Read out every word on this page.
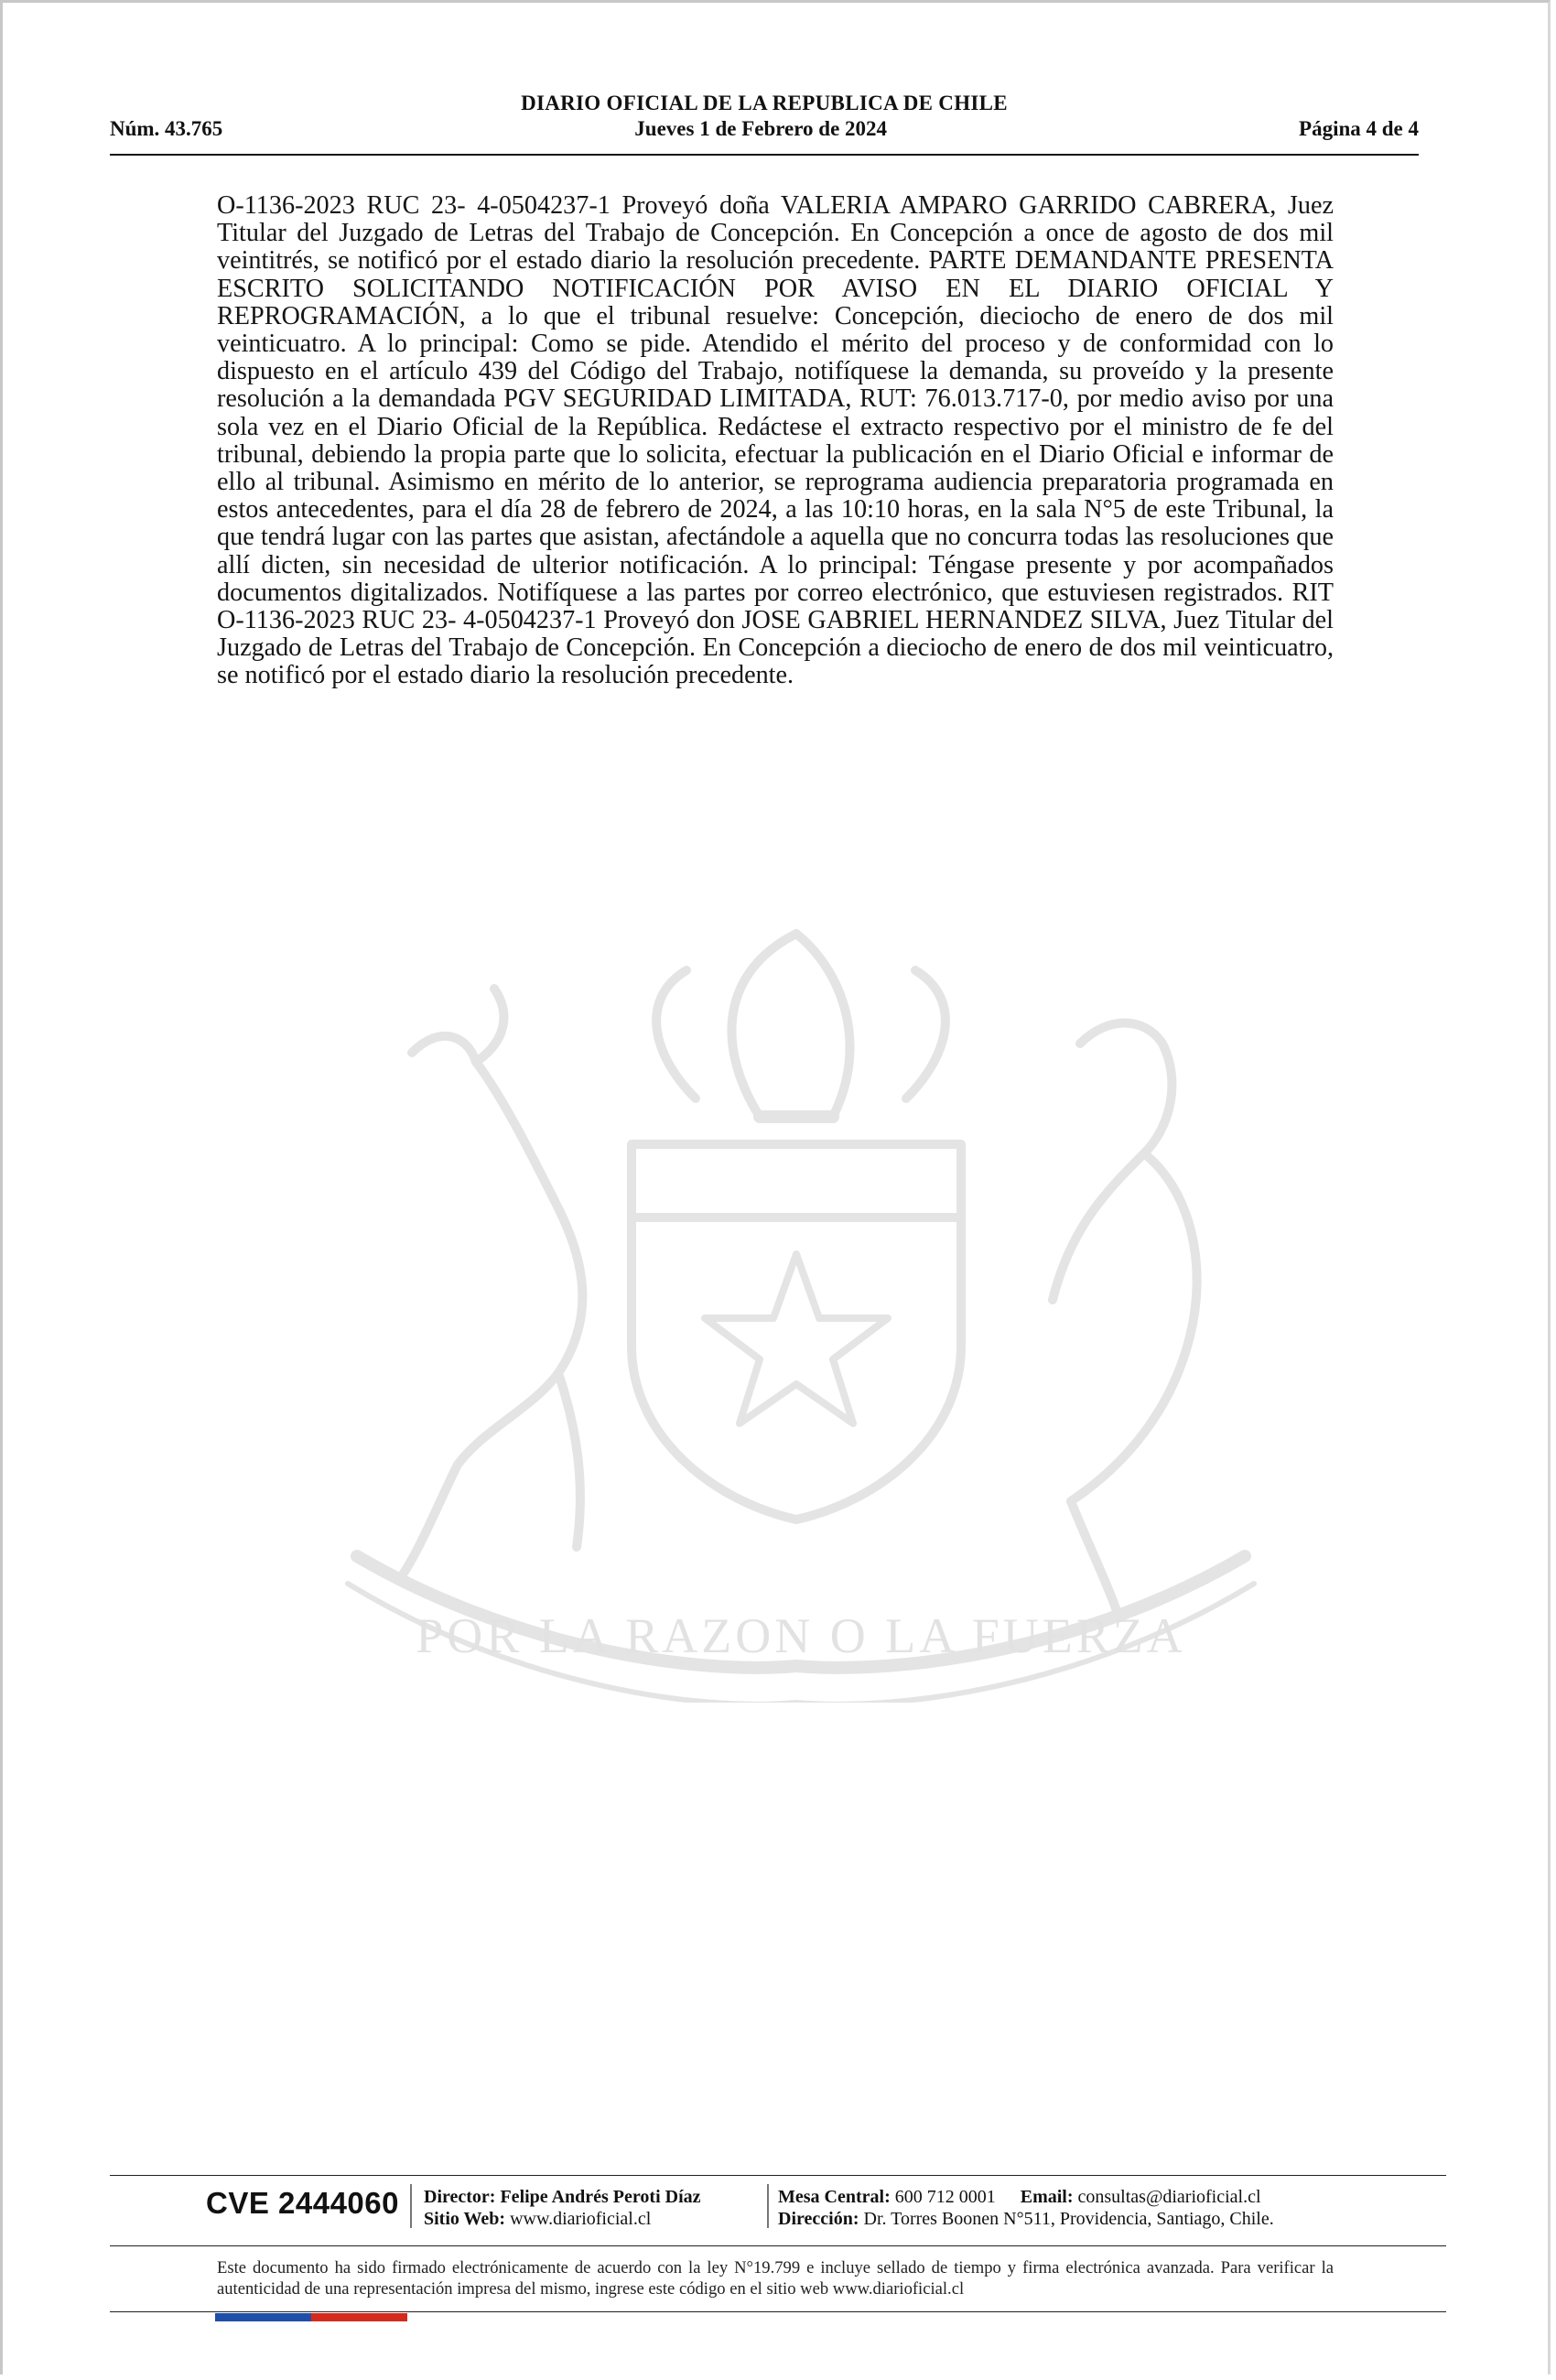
DIARIO OFICIAL DE LA REPUBLICA DE CHILE
Núm. 43.765	Jueves 1 de Febrero de 2024	Página 4 de 4
POR LA RAZON O LA FUERZA
O-1136-2023 RUC 23- 4-0504237-1 Proveyó doña VALERIA AMPARO GARRIDO CABRERA, Juez Titular del Juzgado de Letras del Trabajo de Concepción. En Concepción a once de agosto de dos mil veintitrés, se notificó por el estado diario la resolución precedente. PARTE DEMANDANTE PRESENTA ESCRITO SOLICITANDO NOTIFICACIÓN POR AVISO EN EL DIARIO OFICIAL Y REPROGRAMACIÓN, a lo que el tribunal resuelve: Concepción, dieciocho de enero de dos mil veinticuatro. A lo principal: Como se pide. Atendido el mérito del proceso y de conformidad con lo dispuesto en el artículo 439 del Código del Trabajo, notifíquese la demanda, su proveído y la presente resolución a la demandada PGV SEGURIDAD LIMITADA, RUT: 76.013.717-0, por medio aviso por una sola vez en el Diario Oficial de la República. Redáctese el extracto respectivo por el ministro de fe del tribunal, debiendo la propia parte que lo solicita, efectuar la publicación en el Diario Oficial e informar de ello al tribunal. Asimismo en mérito de lo anterior, se reprograma audiencia preparatoria programada en estos antecedentes, para el día 28 de febrero de 2024, a las 10:10 horas, en la sala N°5 de este Tribunal, la que tendrá lugar con las partes que asistan, afectándole a aquella que no concurra todas las resoluciones que allí dicten, sin necesidad de ulterior notificación. A lo principal: Téngase presente y por acompañados documentos digitalizados. Notifíquese a las partes por correo electrónico, que estuviesen registrados. RIT O-1136-2023 RUC 23- 4-0504237-1 Proveyó don JOSE GABRIEL HERNANDEZ SILVA, Juez Titular del Juzgado de Letras del Trabajo de Concepción. En Concepción a dieciocho de enero de dos mil veinticuatro, se notificó por el estado diario la resolución precedente.
CVE 2444060 Director: Felipe Andrés Peroti Díaz
Sitio Web: www.diarioficial.cl
Mesa Central: 600 712 0001 Email: consultas@diarioficial.cl
Dirección: Dr. Torres Boonen N°511, Providencia, Santiago, Chile.
Este documento ha sido firmado electrónicamente de acuerdo con la ley N°19.799 e incluye sellado de tiempo y firma electrónica avanzada. Para verificar la autenticidad de una representación impresa del mismo, ingrese este código en el sitio web www.diarioficial.cl
